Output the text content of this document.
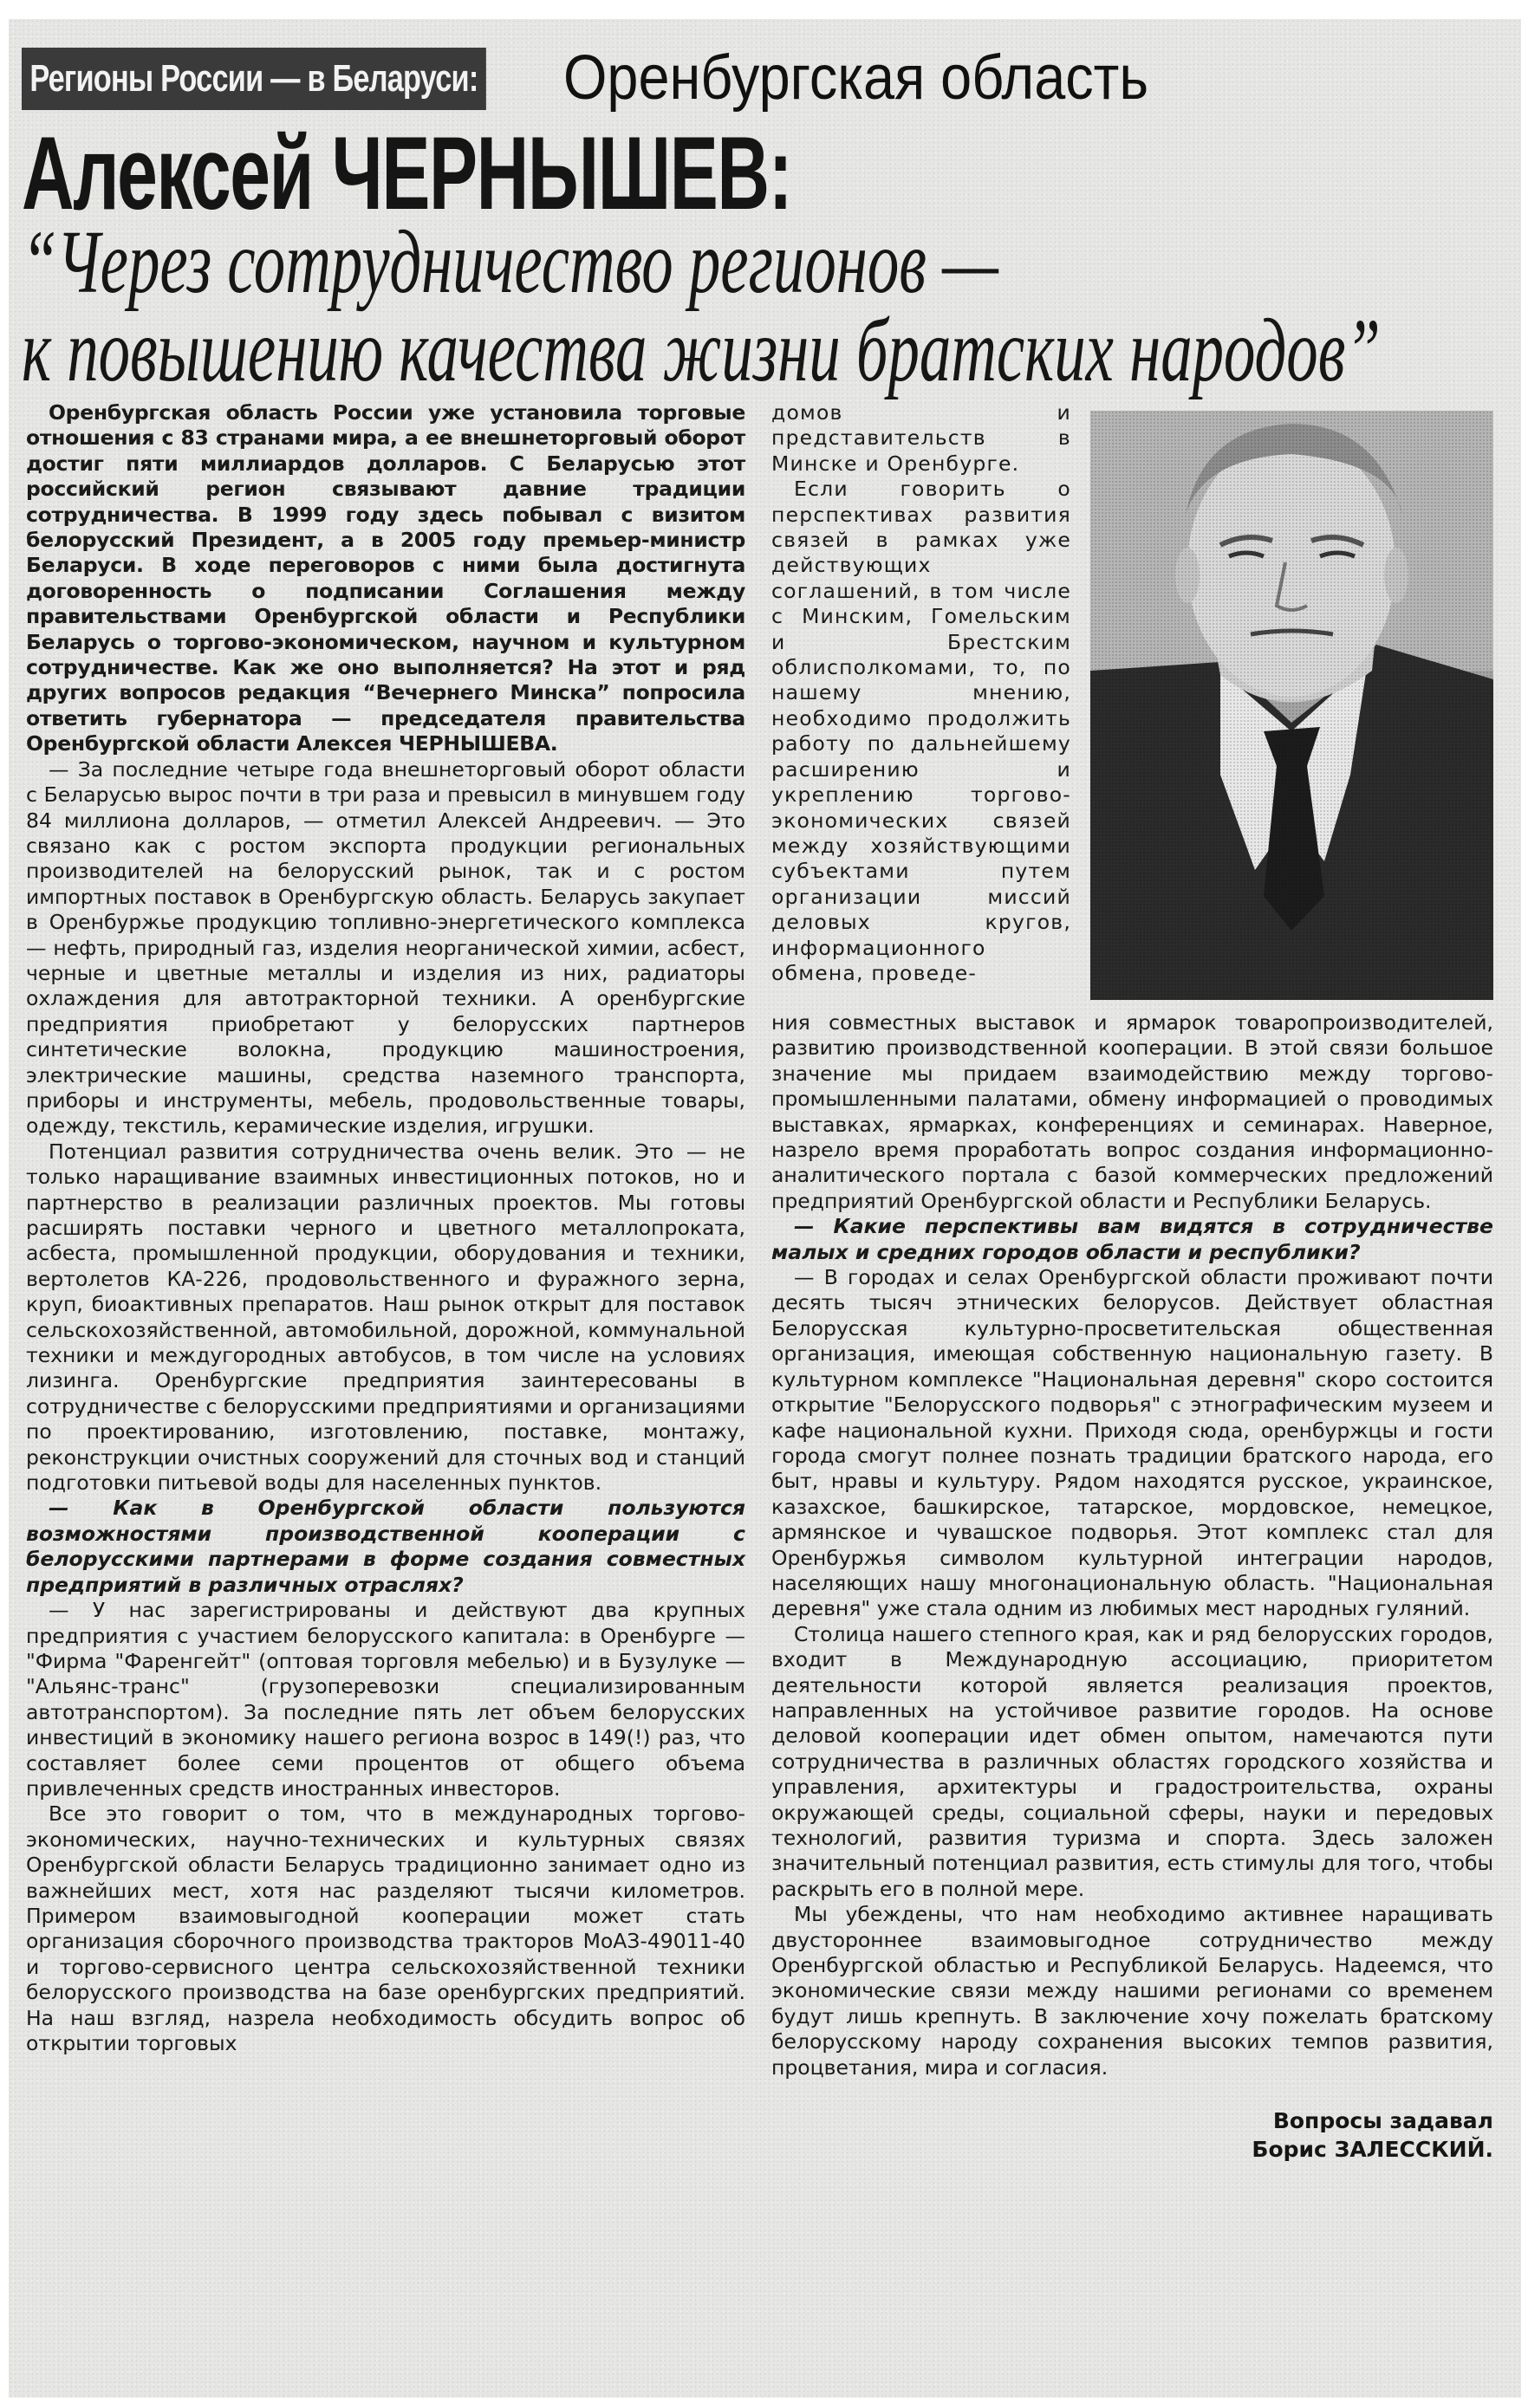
Регионы России — в Беларуси: Оренбургская область
Алексей ЧЕРНЫШЕВ:
“Через сотрудничество регионов —
к повышению качества жизни братских народов”

Оренбургская область России уже установила торговые отношения с 83 странами мира, а ее внешнеторговый оборот достиг пяти миллиардов долларов. С Беларусью этот российский регион связывают давние традиции сотрудничества. В 1999 году здесь побывал с визитом белорусский Президент, а в 2005 году премьер-министр Беларуси. В ходе переговоров с ними была достигнута договоренность о подписании Соглашения между правительствами Оренбургской области и Республики Беларусь о торгово-экономическом, научном и культурном сотрудничестве. Как же оно выполняется? На этот и ряд других вопросов редакция “Вечернего Минска” попросила ответить губернатора — председателя правительства Оренбургской области Алексея ЧЕРНЫШЕВА.

— За последние четыре года внешнеторговый оборот области с Беларусью вырос почти в три раза и превысил в минувшем году 84 миллиона долларов, — отметил Алексей Андреевич. — Это связано как с ростом экспорта продукции региональных производителей на белорусский рынок, так и с ростом импортных поставок в Оренбургскую область. Беларусь закупает в Оренбуржье продукцию топливно-энергетического комплекса — нефть, природный газ, изделия неорганической химии, асбест, черные и цветные металлы и изделия из них, радиаторы охлаждения для автотракторной техники. А оренбургские предприятия приобретают у белорусских партнеров синтетические волокна, продукцию машиностроения, электрические машины, средства наземного транспорта, приборы и инструменты, мебель, продовольственные товары, одежду, текстиль, керамические изделия, игрушки.

Потенциал развития сотрудничества очень велик. Это — не только наращивание взаимных инвестиционных потоков, но и партнерство в реализации различных проектов. Мы готовы расширять поставки черного и цветного металлопроката, асбеста, промышленной продукции, оборудования и техники, вертолетов КА-226, продовольственного и фуражного зерна, круп, биоактивных препаратов. Наш рынок открыт для поставок сельскохозяйственной, автомобильной, дорожной, коммунальной техники и междугородных автобусов, в том числе на условиях лизинга. Оренбургские предприятия заинтересованы в сотрудничестве с белорусскими предприятиями и организациями по проектированию, изготовлению, поставке, монтажу, реконструкции очистных сооружений для сточных вод и станций подготовки питьевой воды для населенных пунктов.

— Как в Оренбургской области пользуются возможностями производственной кооперации с белорусскими партнерами в форме создания совместных предприятий в различных отраслях?

— У нас зарегистрированы и действуют два крупных предприятия с участием белорусского капитала: в Оренбурге — "Фирма "Фаренгейт" (оптовая торговля мебелью) и в Бузулуке — "Альянс-транс" (грузоперевозки специализированным автотранспортом). За последние пять лет объем белорусских инвестиций в экономику нашего региона возрос в 149(!) раз, что составляет более семи процентов от общего объема привлеченных средств иностранных инвесторов.

Все это говорит о том, что в международных торгово-экономических, научно-технических и культурных связях Оренбургской области Беларусь традиционно занимает одно из важнейших мест, хотя нас разделяют тысячи километров. Примером взаимовыгодной кооперации может стать организация сборочного производства тракторов МоАЗ-49011-40 и торгово-сервисного центра сельскохозяйственной техники белорусского производства на базе оренбургских предприятий. На наш взгляд, назрела необходимость обсудить вопрос об открытии торговых

домов и представительств в Минске и Оренбурге.

Если говорить о перспективах развития связей в рамках уже действующих соглашений, в том числе с Минским, Гомельским и Брестским облисполкомами, то, по нашему мнению, необходимо продолжить работу по дальнейшему расширению и укреплению торгово-экономических связей между хозяйствующими субъектами путем организации миссий деловых кругов, информационного обмена, проведе-

ния совместных выставок и ярмарок товаропроизводителей, развитию производственной кооперации. В этой связи большое значение мы придаем взаимодействию между торгово-промышленными палатами, обмену информацией о проводимых выставках, ярмарках, конференциях и семинарах. Наверное, назрело время проработать вопрос создания информационно-аналитического портала с базой коммерческих предложений предприятий Оренбургской области и Республики Беларусь.

— Какие перспективы вам видятся в сотрудничестве малых и средних городов области и республики?

— В городах и селах Оренбургской области проживают почти десять тысяч этнических белорусов. Действует областная Белорусская культурно-просветительская общественная организация, имеющая собственную национальную газету. В культурном комплексе "Национальная деревня" скоро состоится открытие "Белорусского подворья" с этнографическим музеем и кафе национальной кухни. Приходя сюда, оренбуржцы и гости города смогут полнее познать традиции братского народа, его быт, нравы и культуру. Рядом находятся русское, украинское, казахское, башкирское, татарское, мордовское, немецкое, армянское и чувашское подворья. Этот комплекс стал для Оренбуржья символом культурной интеграции народов, населяющих нашу многонациональную область. "Национальная деревня" уже стала одним из любимых мест народных гуляний.

Столица нашего степного края, как и ряд белорусских городов, входит в Международную ассоциацию, приоритетом деятельности которой является реализация проектов, направленных на устойчивое развитие городов. На основе деловой кооперации идет обмен опытом, намечаются пути сотрудничества в различных областях городского хозяйства и управления, архитектуры и градостроительства, охраны окружающей среды, социальной сферы, науки и передовых технологий, развития туризма и спорта. Здесь заложен значительный потенциал развития, есть стимулы для того, чтобы раскрыть его в полной мере.

Мы убеждены, что нам необходимо активнее наращивать двустороннее взаимовыгодное сотрудничество между Оренбургской областью и Республикой Беларусь. Надеемся, что экономические связи между нашими регионами со временем будут лишь крепнуть. В заключение хочу пожелать братскому белорусскому народу сохранения высоких темпов развития, процветания, мира и согласия.

Вопросы задавал
Борис ЗАЛЕССКИЙ.
